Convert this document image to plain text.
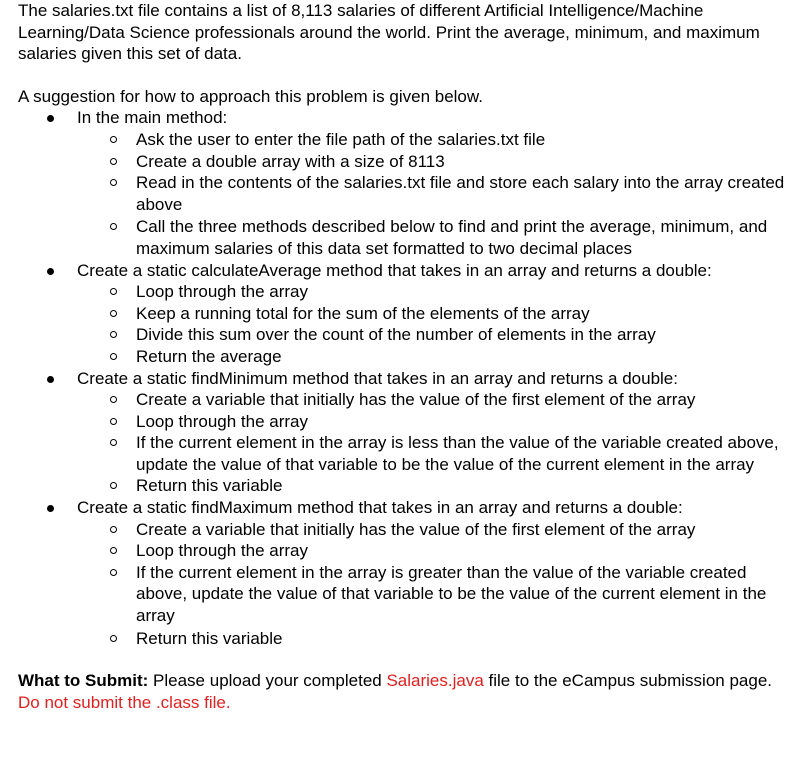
The salaries.txt file contains a list of 8,113 salaries of different Artificial Intelligence/Machine Learning/Data Science professionals around the world. Print the average, minimum, and maximum salaries given this set of data.

A suggestion for how to approach this problem is given below.

In the main method:
Ask the user to enter the file path of the salaries.txt file
Create a double array with a size of 8113
Read in the contents of the salaries.txt file and store each salary into the array created above
Call the three methods described below to find and print the average, minimum, and maximum salaries of this data set formatted to two decimal places
Create a static calculateAverage method that takes in an array and returns a double:
Loop through the array
Keep a running total for the sum of the elements of the array
Divide this sum over the count of the number of elements in the array
Return the average
Create a static findMinimum method that takes in an array and returns a double:
Create a variable that initially has the value of the first element of the array
Loop through the array
If the current element in the array is less than the value of the variable created above, update the value of that variable to be the value of the current element in the array
Return this variable
Create a static findMaximum method that takes in an array and returns a double:
Create a variable that initially has the value of the first element of the array
Loop through the array
If the current element in the array is greater than the value of the variable created above, update the value of that variable to be the value of the current element in the array
Return this variable

What to Submit: Please upload your completed Salaries.java file to the eCampus submission page. Do not submit the .class file.
